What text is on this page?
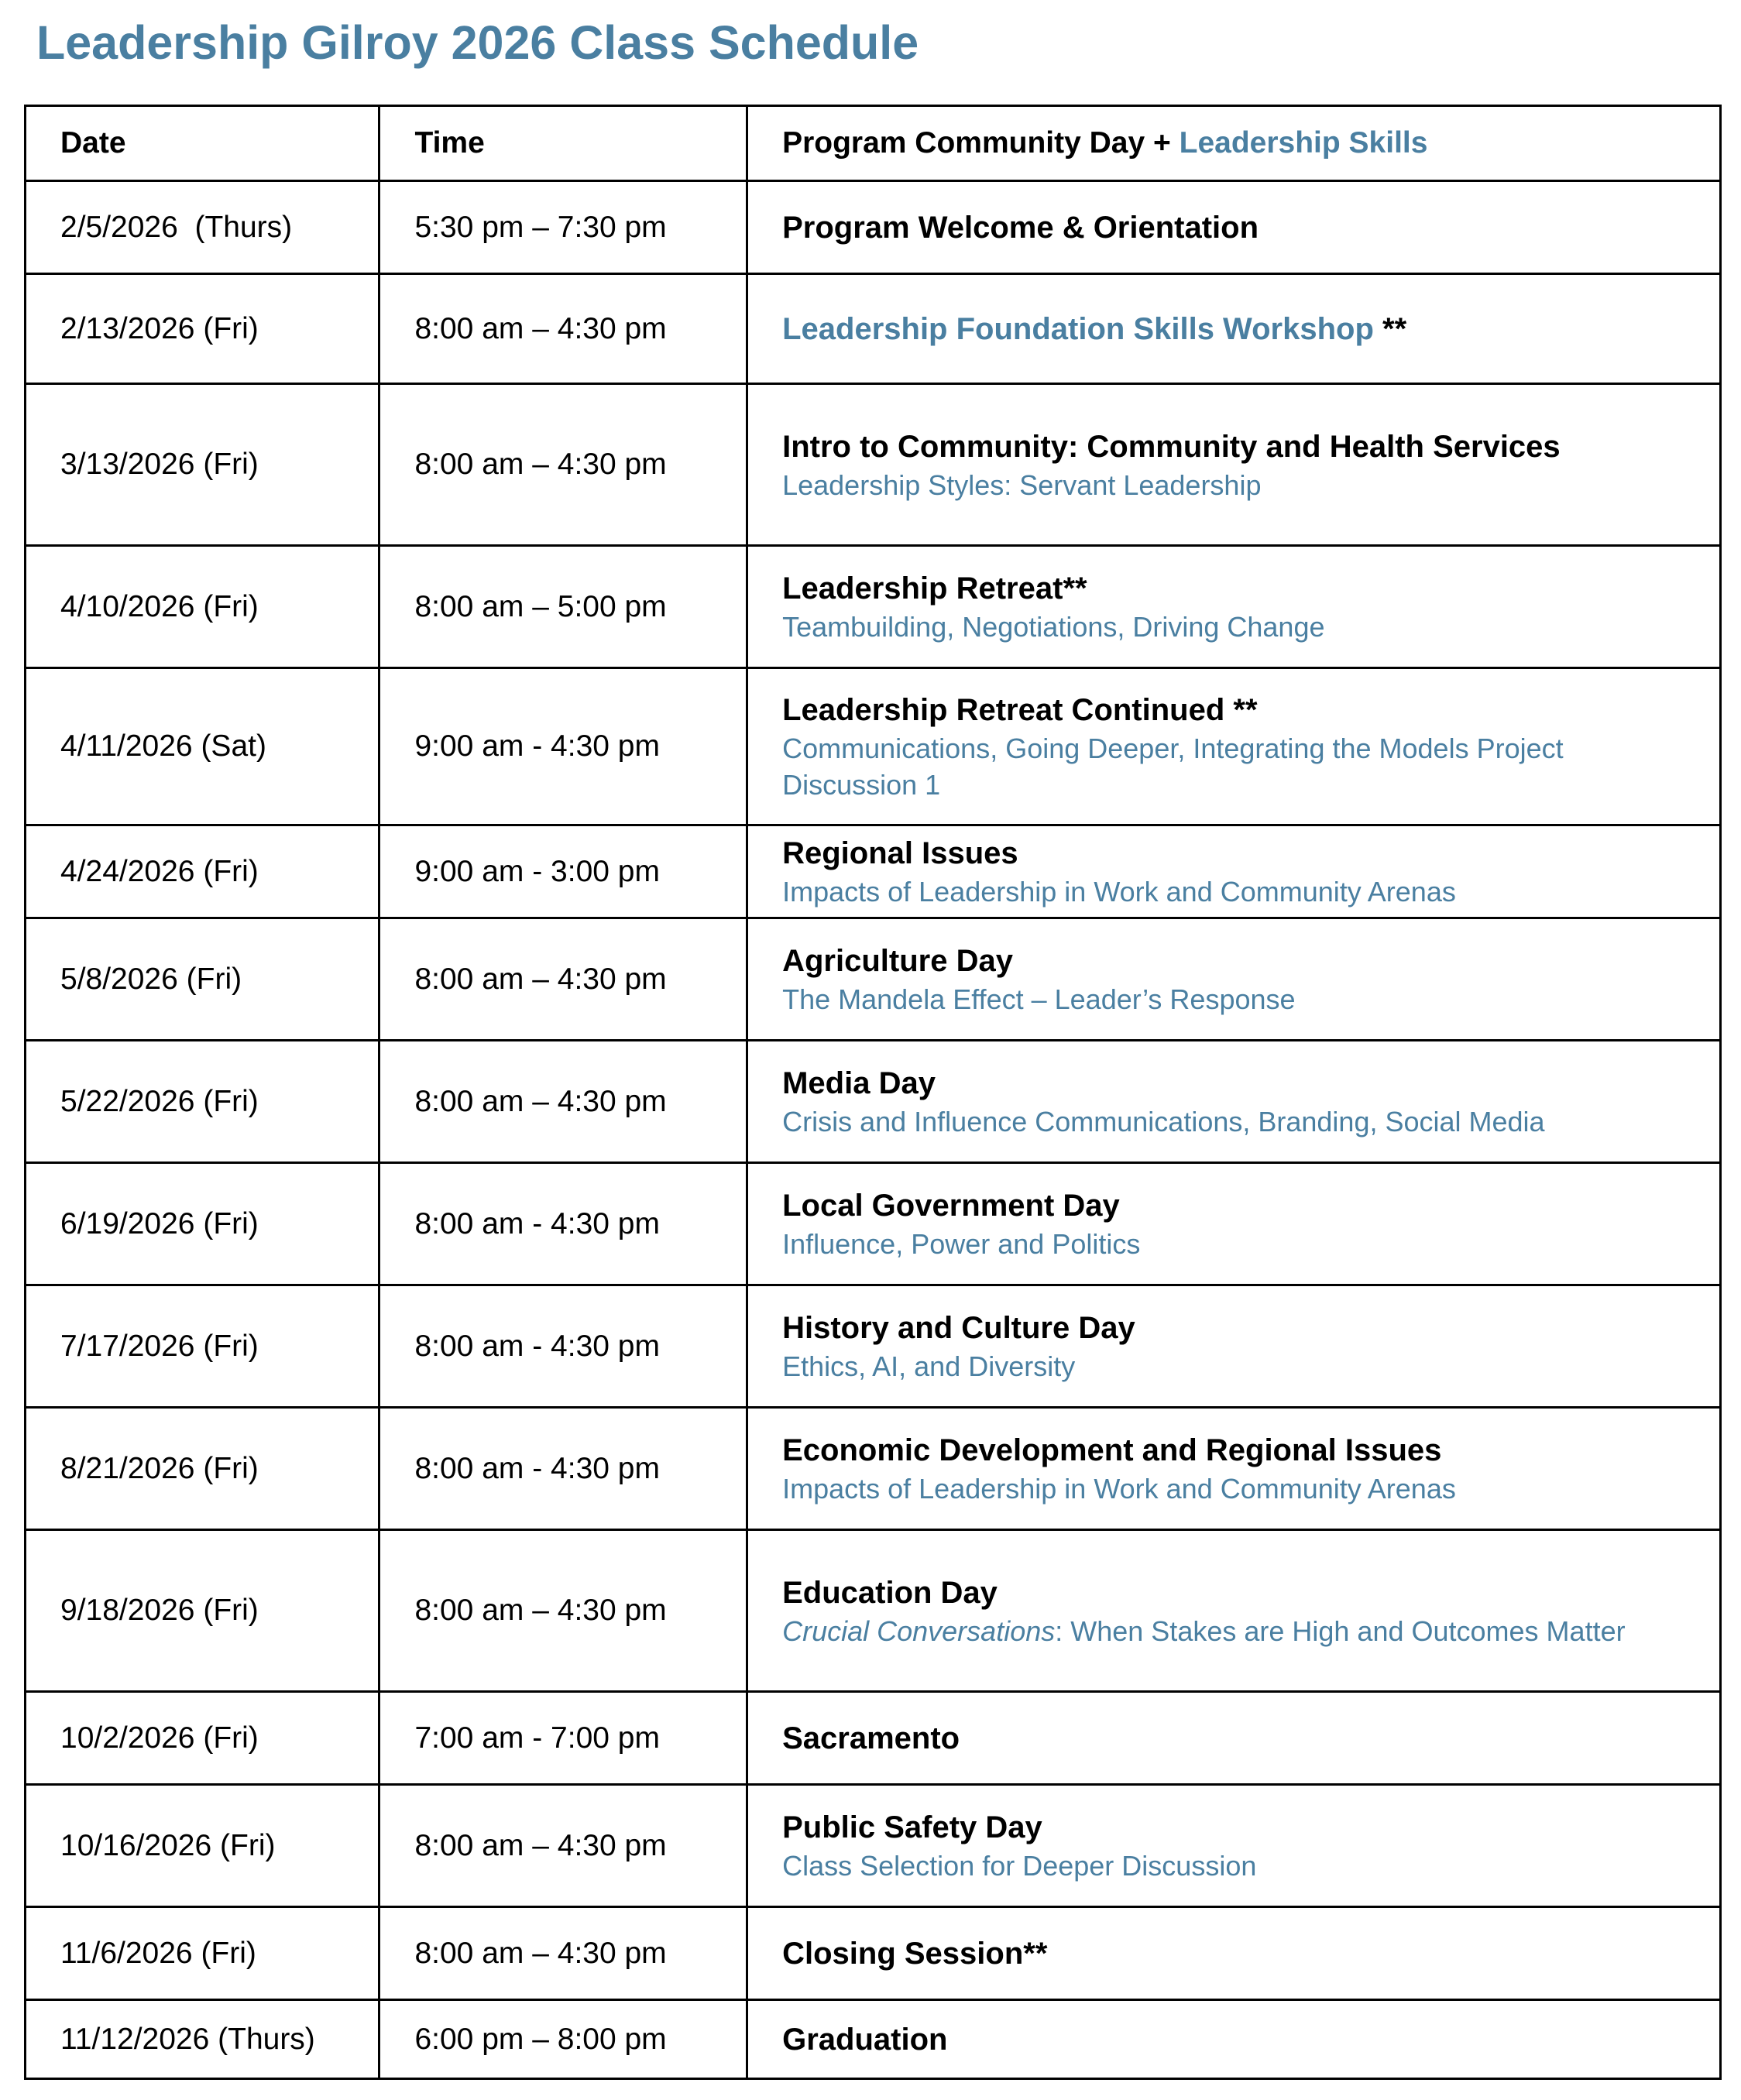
Leadership Gilroy 2026 Class Schedule
Date	Time	Program Community Day + Leadership Skills
2/5/2026  (Thurs)	5:30 pm – 7:30 pm	Program Welcome & Orientation

2/13/2026 (Fri)	8:00 am – 4:30 pm	Leadership Foundation Skills Workshop **

3/13/2026 (Fri)	8:00 am – 4:30 pm	Intro to Community: Community and Health Services
Leadership Styles: Servant Leadership

4/10/2026 (Fri)	8:00 am – 5:00 pm	Leadership Retreat**
Teambuilding, Negotiations, Driving Change

4/11/2026 (Sat)	9:00 am - 4:30 pm	Leadership Retreat Continued **
Communications, Going Deeper, Integrating the Models Project Discussion 1

4/24/2026 (Fri)	9:00 am - 3:00 pm	Regional Issues
Impacts of Leadership in Work and Community Arenas

5/8/2026 (Fri)	8:00 am – 4:30 pm	Agriculture Day
The Mandela Effect – Leader’s Response

5/22/2026 (Fri)	8:00 am – 4:30 pm	Media Day
Crisis and Influence Communications, Branding, Social Media

6/19/2026 (Fri)	8:00 am - 4:30 pm	Local Government Day
Influence, Power and Politics

7/17/2026 (Fri)	8:00 am - 4:30 pm	History and Culture Day
Ethics, AI, and Diversity

8/21/2026 (Fri)	8:00 am - 4:30 pm	Economic Development and Regional Issues
Impacts of Leadership in Work and Community Arenas

9/18/2026 (Fri)	8:00 am – 4:30 pm	Education Day
Crucial Conversations: When Stakes are High and Outcomes Matter

10/2/2026 (Fri)	7:00 am - 7:00 pm	Sacramento

10/16/2026 (Fri)	8:00 am – 4:30 pm	Public Safety Day
Class Selection for Deeper Discussion

11/6/2026 (Fri)	8:00 am – 4:30 pm	Closing Session**

11/12/2026 (Thurs)	6:00 pm – 8:00 pm	Graduation
